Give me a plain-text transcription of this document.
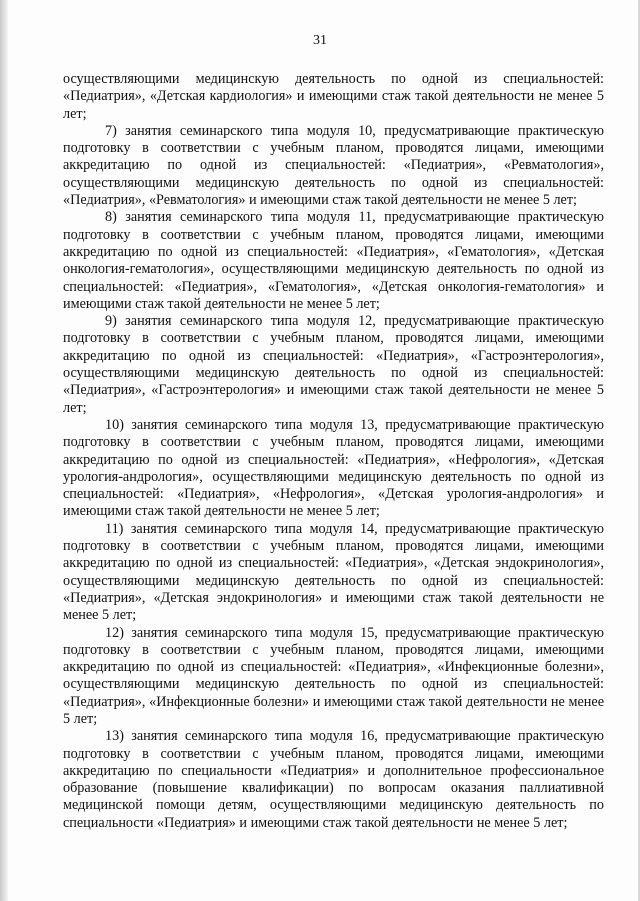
31

осуществляющими медицинскую деятельность по одной из специальностей: «Педиатрия», «Детская кардиология» и имеющими стаж такой деятельности не менее 5 лет;

7) занятия семинарского типа модуля 10, предусматривающие практическую подготовку в соответствии с учебным планом, проводятся лицами, имеющими аккредитацию по одной из специальностей: «Педиатрия», «Ревматология», осуществляющими медицинскую деятельность по одной из специальностей: «Педиатрия», «Ревматология» и имеющими стаж такой деятельности не менее 5 лет;

8) занятия семинарского типа модуля 11, предусматривающие практическую подготовку в соответствии с учебным планом, проводятся лицами, имеющими аккредитацию по одной из специальностей: «Педиатрия», «Гематология», «Детская онкология-гематология», осуществляющими медицинскую деятельность по одной из специальностей: «Педиатрия», «Гематология», «Детская онкология-гематология» и имеющими стаж такой деятельности не менее 5 лет;

9) занятия семинарского типа модуля 12, предусматривающие практическую подготовку в соответствии с учебным планом, проводятся лицами, имеющими аккредитацию по одной из специальностей: «Педиатрия», «Гастроэнтерология», осуществляющими медицинскую деятельность по одной из специальностей: «Педиатрия», «Гастроэнтерология» и имеющими стаж такой деятельности не менее 5 лет;

10) занятия семинарского типа модуля 13, предусматривающие практическую подготовку в соответствии с учебным планом, проводятся лицами, имеющими аккредитацию по одной из специальностей: «Педиатрия», «Нефрология», «Детская урология-андрология», осуществляющими медицинскую деятельность по одной из специальностей: «Педиатрия», «Нефрология», «Детская урология-андрология» и имеющими стаж такой деятельности не менее 5 лет;

11) занятия семинарского типа модуля 14, предусматривающие практическую подготовку в соответствии с учебным планом, проводятся лицами, имеющими аккредитацию по одной из специальностей: «Педиатрия», «Детская эндокринология», осуществляющими медицинскую деятельность по одной из специальностей: «Педиатрия», «Детская эндокринология» и имеющими стаж такой деятельности не менее 5 лет;

12) занятия семинарского типа модуля 15, предусматривающие практическую подготовку в соответствии с учебным планом, проводятся лицами, имеющими аккредитацию по одной из специальностей: «Педиатрия», «Инфекционные болезни», осуществляющими медицинскую деятельность по одной из специальностей: «Педиатрия», «Инфекционные болезни» и имеющими стаж такой деятельности не менее 5 лет;

13) занятия семинарского типа модуля 16, предусматривающие практическую подготовку в соответствии с учебным планом, проводятся лицами, имеющими аккредитацию по специальности «Педиатрия» и дополнительное профессиональное образование (повышение квалификации) по вопросам оказания паллиативной медицинской помощи детям, осуществляющими медицинскую деятельность по специальности «Педиатрия» и имеющими стаж такой деятельности не менее 5 лет;
